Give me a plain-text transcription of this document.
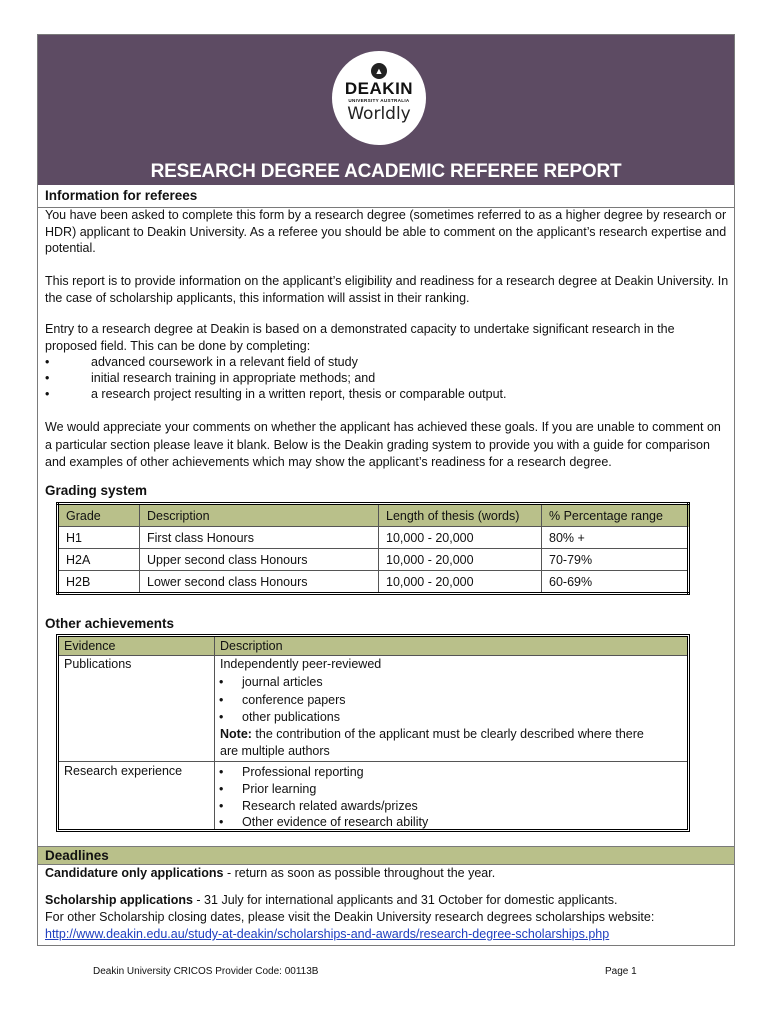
▲
DEAKIN
UNIVERSITY AUSTRALIA
Worldly
RESEARCH DEGREE ACADEMIC REFEREE REPORT
Information for referees

You have been asked to complete this form by a research degree (sometimes referred to as a higher degree by research or HDR) applicant to Deakin University. As a referee you should be able to comment on the applicant’s research expertise and potential.

This report is to provide information on the applicant’s eligibility and readiness for a research degree at Deakin University. In the case of scholarship applicants, this information will assist in their ranking.

Entry to a research degree at Deakin is based on a demonstrated capacity to undertake significant research in the proposed field. This can be done by completing:

•	advanced coursework in a relevant field of study
•	initial research training in appropriate methods; and
•	a research project resulting in a written report, thesis or comparable output.

We would appreciate your comments on whether the applicant has achieved these goals. If you are unable to comment on a particular section please leave it blank. Below is the Deakin grading system to provide you with a guide for comparison and examples of other achievements which may show the applicant’s readiness for a research degree.

Grading system
Grade	Description	Length of thesis (words)	% Percentage range
H1	First class Honours	10,000 - 20,000	80% +
H2A	Upper second class Honours	10,000 - 20,000	70-79%
H2B	Lower second class Honours	10,000 - 20,000	60-69%
Other achievements
Evidence	Description
Publications	Independently peer-reviewed
• journal articles
• conference papers
• other publications
Note: the contribution of the applicant must be clearly described where there
are multiple authors
Research experience	• Professional reporting
• Prior learning
• Research related awards/prizes
• Other evidence of research ability
Deadlines
Candidature only applications - return as soon as possible throughout the year.
Scholarship applications - 31 July for international applicants and 31 October for domestic applicants.
For other Scholarship closing dates, please visit the Deakin University research degrees scholarships website:
http://www.deakin.edu.au/study-at-deakin/scholarships-and-awards/research-degree-scholarships.php
Deakin University CRICOS Provider Code: 00113B	Page 1
